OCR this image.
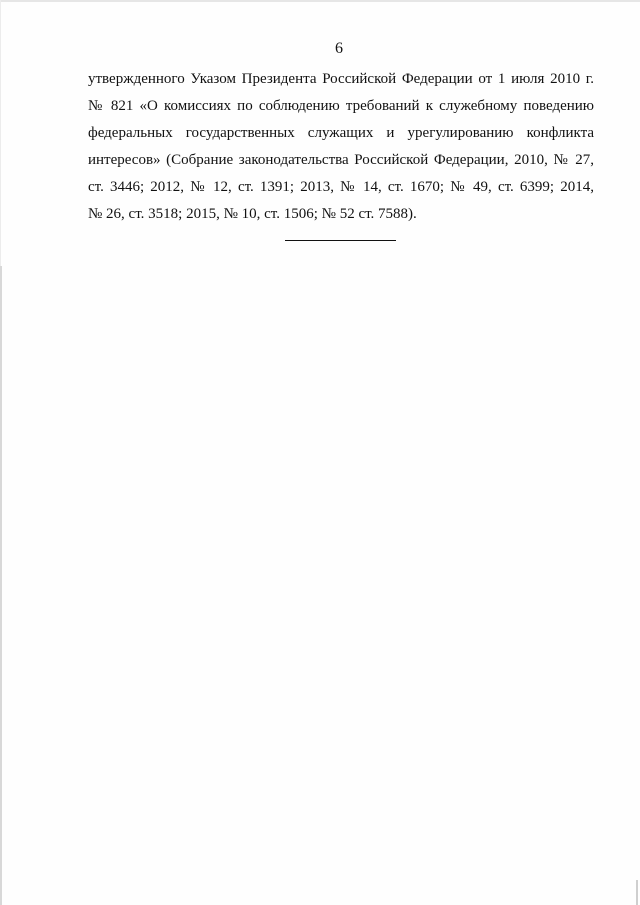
6

утвержденного Указом Президента Российской Федерации от 1 июля 2010 г.
№ 821 «О комиссиях по соблюдению требований к служебному поведению
федеральных государственных служащих и урегулированию конфликта
интересов» (Собрание законодательства Российской Федерации, 2010, № 27,
ст. 3446; 2012, № 12, ст. 1391; 2013, № 14, ст. 1670; № 49, ст. 6399; 2014,
№ 26, ст. 3518; 2015, № 10, ст. 1506; № 52 ст. 7588).
